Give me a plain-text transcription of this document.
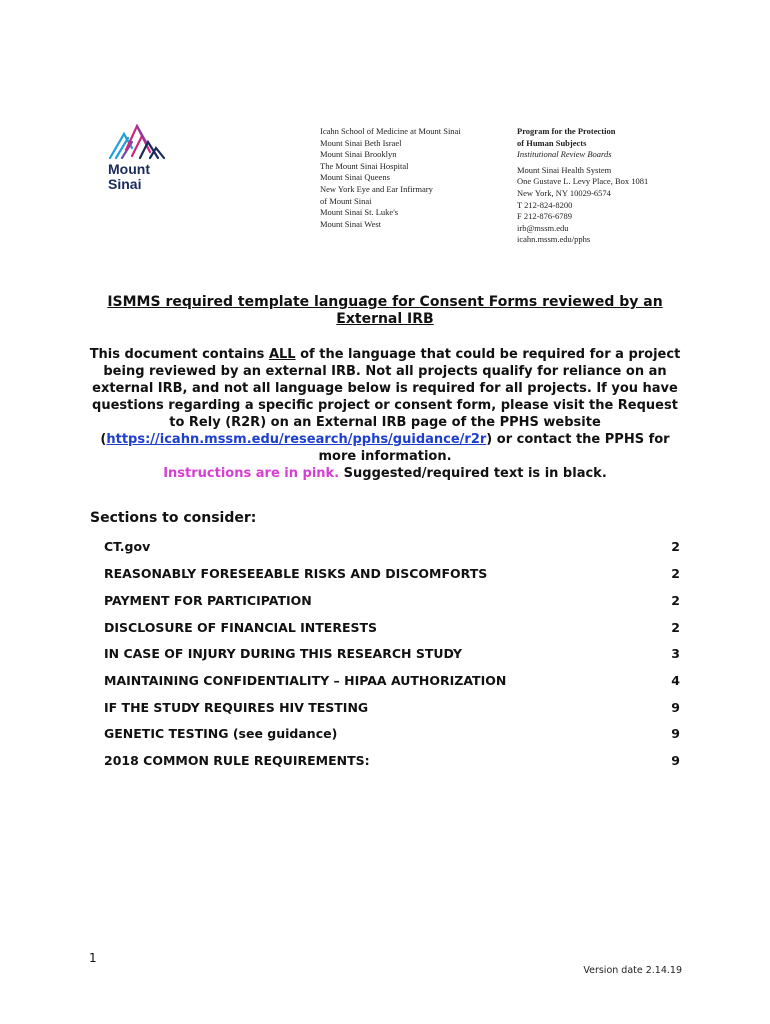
Mount
Sinai
Icahn School of Medicine at Mount Sinai
Mount Sinai Beth Israel
Mount Sinai Brooklyn
The Mount Sinai Hospital
Mount Sinai Queens
New York Eye and Ear Infirmary
of Mount Sinai
Mount Sinai St. Luke's
Mount Sinai West
Program for the Protection
of Human Subjects
Institutional Review Boards
Mount Sinai Health System
One Gustave L. Levy Place, Box 1081
New York, NY 10029-6574
T 212-824-8200
F 212-876-6789
irb@mssm.edu
icahn.mssm.edu/pphs
ISMMS required template language for Consent Forms reviewed by an External IRB
This document contains ALL of the language that could be required for a project being reviewed by an external IRB. Not all projects qualify for reliance on an external IRB, and not all language below is required for all projects. If you have questions regarding a specific project or consent form, please visit the Request to Rely (R2R) on an External IRB page of the PPHS website (https://icahn.mssm.edu/research/pphs/guidance/r2r) or contact the PPHS for more information.
Instructions are in pink. Suggested/required text is in black.
Sections to consider:
CT.gov	2
REASONABLY FORESEEABLE RISKS AND DISCOMFORTS	2
PAYMENT FOR PARTICIPATION	2
DISCLOSURE OF FINANCIAL INTERESTS	2
IN CASE OF INJURY DURING THIS RESEARCH STUDY	3
MAINTAINING CONFIDENTIALITY – HIPAA AUTHORIZATION	4
IF THE STUDY REQUIRES HIV TESTING	9
GENETIC TESTING (see guidance)	9
2018 COMMON RULE REQUIREMENTS:	9
1
Version date 2.14.19
